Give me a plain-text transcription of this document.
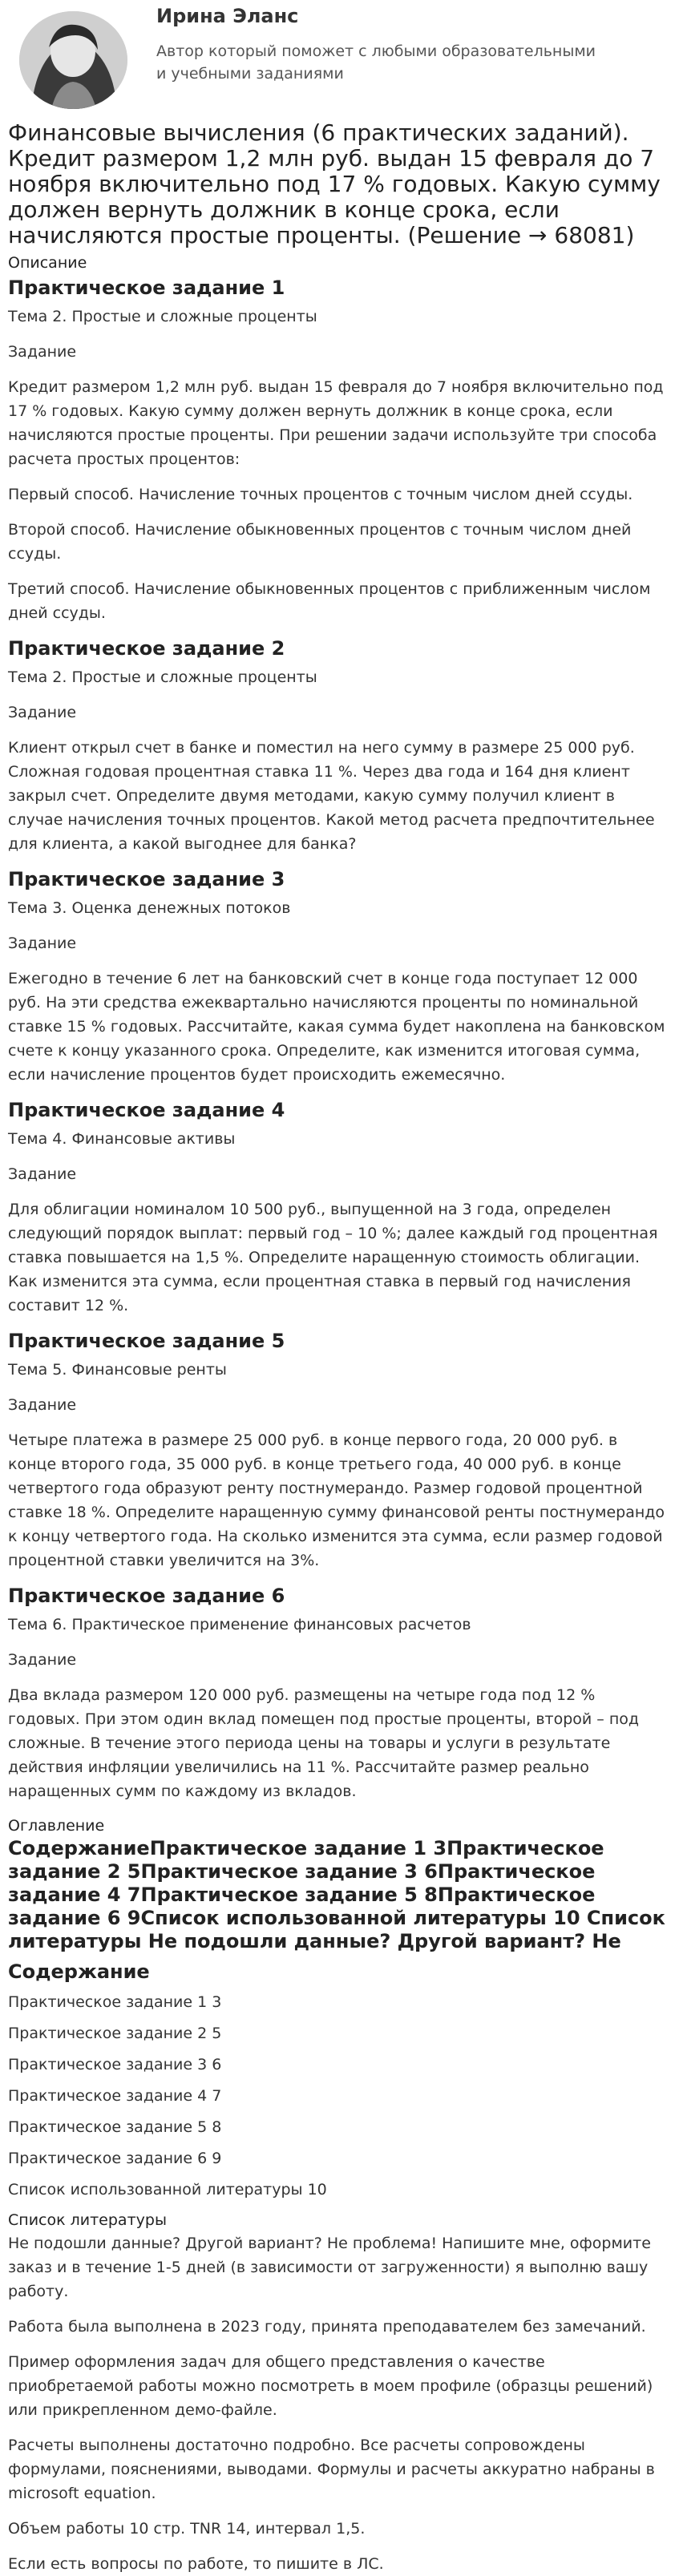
Ирина Эланс
Автор который поможет с любыми образовательными и учебными заданиями
Финансовые вычисления (6 практических заданий). Кредит размером 1,2 млн руб. выдан 15 февраля до 7 ноября включительно под 17 % годовых. Какую сумму должен вернуть должник в конце срока, если начисляются простые проценты. (Решение → 68081)

Описание

Практическое задание 1

Тема 2. Простые и сложные проценты

Задание

Кредит размером 1,2 млн руб. выдан 15 февраля до 7 ноября включительно под 17 % годовых. Какую сумму должен вернуть должник в конце срока, если начисляются простые проценты. При решении задачи используйте три способа расчета простых процентов:

Первый способ. Начисление точных процентов с точным числом дней ссуды.

Второй способ. Начисление обыкновенных процентов с точным числом дней ссуды.

Третий способ. Начисление обыкновенных процентов с приближенным числом дней ссуды.

Практическое задание 2

Тема 2. Простые и сложные проценты

Задание

Клиент открыл счет в банке и поместил на него сумму в размере 25 000 руб. Сложная годовая процентная ставка 11 %. Через два года и 164 дня клиент закрыл счет. Определите двумя методами, какую сумму получил клиент в случае начисления точных процентов. Какой метод расчета предпочтительнее для клиента, а какой выгоднее для банка?

Практическое задание 3

Тема 3. Оценка денежных потоков

Задание

Ежегодно в течение 6 лет на банковский счет в конце года поступает 12 000 руб. На эти средства ежеквартально начисляются проценты по номинальной ставке 15 % годовых. Рассчитайте, какая сумма будет накоплена на банковском счете к концу указанного срока. Определите, как изменится итоговая сумма, если начисление процентов будет происходить ежемесячно.

Практическое задание 4

Тема 4. Финансовые активы

Задание

Для облигации номиналом 10 500 руб., выпущенной на 3 года, определен следующий порядок выплат: первый год – 10 %; далее каждый год процентная ставка повышается на 1,5 %. Определите наращенную стоимость облигации. Как изменится эта сумма, если процентная ставка в первый год начисления составит 12 %.

Практическое задание 5

Тема 5. Финансовые ренты

Задание

Четыре платежа в размере 25 000 руб. в конце первого года, 20 000 руб. в конце второго года, 35 000 руб. в конце третьего года, 40 000 руб. в конце четвертого года образуют ренту постнумерандо. Размер годовой процентной ставке 18 %. Определите наращенную сумму финансовой ренты постнумерандо к концу четвертого года. На сколько изменится эта сумма, если размер годовой процентной ставки увеличится на 3%.

Практическое задание 6

Тема 6. Практическое применение финансовых расчетов

Задание

Два вклада размером 120 000 руб. размещены на четыре года под 12 % годовых. При этом один вклад помещен под простые проценты, второй – под сложные. В течение этого периода цены на товары и услуги в результате действия инфляции увеличились на 11 %. Рассчитайте размер реально наращенных сумм по каждому из вкладов.

Оглавление

СодержаниеПрактическое задание 1 3Практическое задание 2 5Практическое задание 3 6Практическое задание 4 7Практическое задание 5 8Практическое задание 6 9Список использованной литературы 10 Список литературы Не подошли данные? Другой вариант? Не

Содержание

Практическое задание 1 3

Практическое задание 2 5

Практическое задание 3 6

Практическое задание 4 7

Практическое задание 5 8

Практическое задание 6 9

Список использованной литературы 10

Список литературы

Не подошли данные? Другой вариант? Не проблема! Напишите мне, оформите заказ и в течение 1-5 дней (в зависимости от загруженности) я выполню вашу работу.

Работа была выполнена в 2023 году, принята преподавателем без замечаний.

Пример оформления задач для общего представления о качестве приобретаемой работы можно посмотреть в моем профиле (образцы решений) или прикрепленном демо-файле.

Расчеты выполнены достаточно подробно. Все расчеты сопровождены формулами, пояснениями, выводами. Формулы и расчеты аккуратно набраны в microsoft equation.

Объем работы 10 стр. TNR 14, интервал 1,5.

Если есть вопросы по работе, то пишите в ЛС.
